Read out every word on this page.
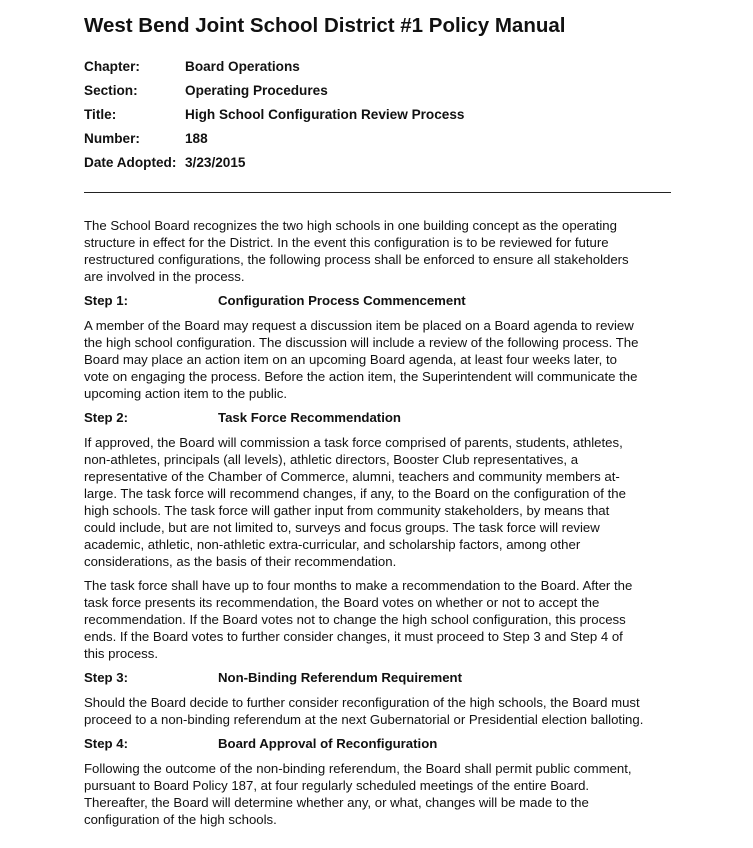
West Bend Joint School District #1 Policy Manual
Chapter:	Board Operations
Section:	Operating Procedures
Title:	High School Configuration Review Process
Number:	188
Date Adopted: 3/23/2015

The School Board recognizes the two high schools in one building concept as the operating
structure in effect for the District. In the event this configuration is to be reviewed for future
restructured configurations, the following process shall be enforced to ensure all stakeholders
are involved in the process.

Step 1:	Configuration Process Commencement

A member of the Board may request a discussion item be placed on a Board agenda to review
the high school configuration. The discussion will include a review of the following process. The
Board may place an action item on an upcoming Board agenda, at least four weeks later, to
vote on engaging the process. Before the action item, the Superintendent will communicate the
upcoming action item to the public.

Step 2:	Task Force Recommendation

If approved, the Board will commission a task force comprised of parents, students, athletes,
non-athletes, principals (all levels), athletic directors, Booster Club representatives, a
representative of the Chamber of Commerce, alumni, teachers and community members at-
large. The task force will recommend changes, if any, to the Board on the configuration of the
high schools. The task force will gather input from community stakeholders, by means that
could include, but are not limited to, surveys and focus groups. The task force will review
academic, athletic, non-athletic extra-curricular, and scholarship factors, among other
considerations, as the basis of their recommendation.

The task force shall have up to four months to make a recommendation to the Board. After the
task force presents its recommendation, the Board votes on whether or not to accept the
recommendation. If the Board votes not to change the high school configuration, this process
ends. If the Board votes to further consider changes, it must proceed to Step 3 and Step 4 of
this process.

Step 3:	Non-Binding Referendum Requirement

Should the Board decide to further consider reconfiguration of the high schools, the Board must
proceed to a non-binding referendum at the next Gubernatorial or Presidential election balloting.

Step 4:	Board Approval of Reconfiguration

Following the outcome of the non-binding referendum, the Board shall permit public comment,
pursuant to Board Policy 187, at four regularly scheduled meetings of the entire Board.
Thereafter, the Board will determine whether any, or what, changes will be made to the
configuration of the high schools.
